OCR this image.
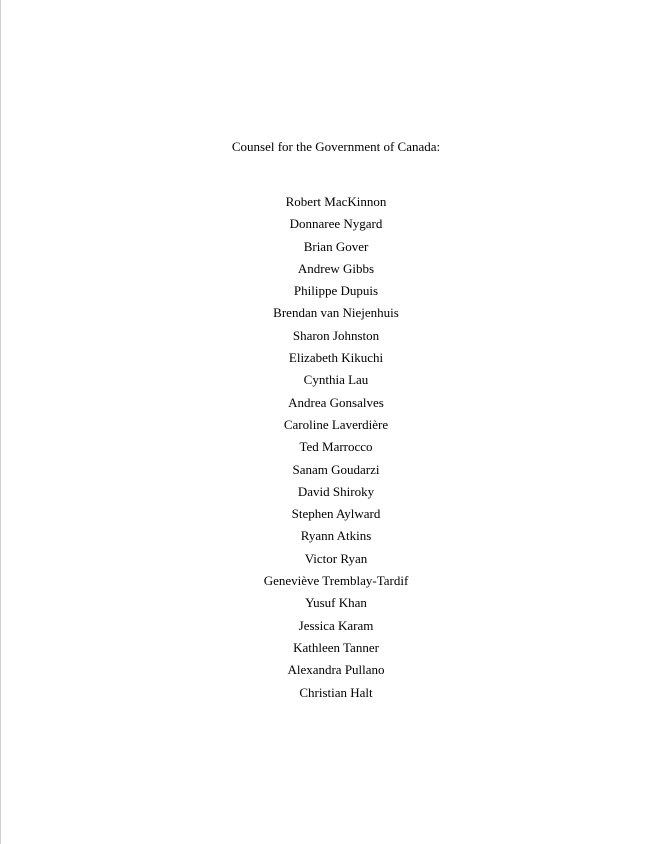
Counsel for the Government of Canada:
Robert MacKinnon
Donnaree Nygard
Brian Gover
Andrew Gibbs
Philippe Dupuis
Brendan van Niejenhuis
Sharon Johnston
Elizabeth Kikuchi
Cynthia Lau
Andrea Gonsalves
Caroline Laverdière
Ted Marrocco
Sanam Goudarzi
David Shiroky
Stephen Aylward
Ryann Atkins
Victor Ryan
Geneviève Tremblay-Tardif
Yusuf Khan
Jessica Karam
Kathleen Tanner
Alexandra Pullano
Christian Halt
